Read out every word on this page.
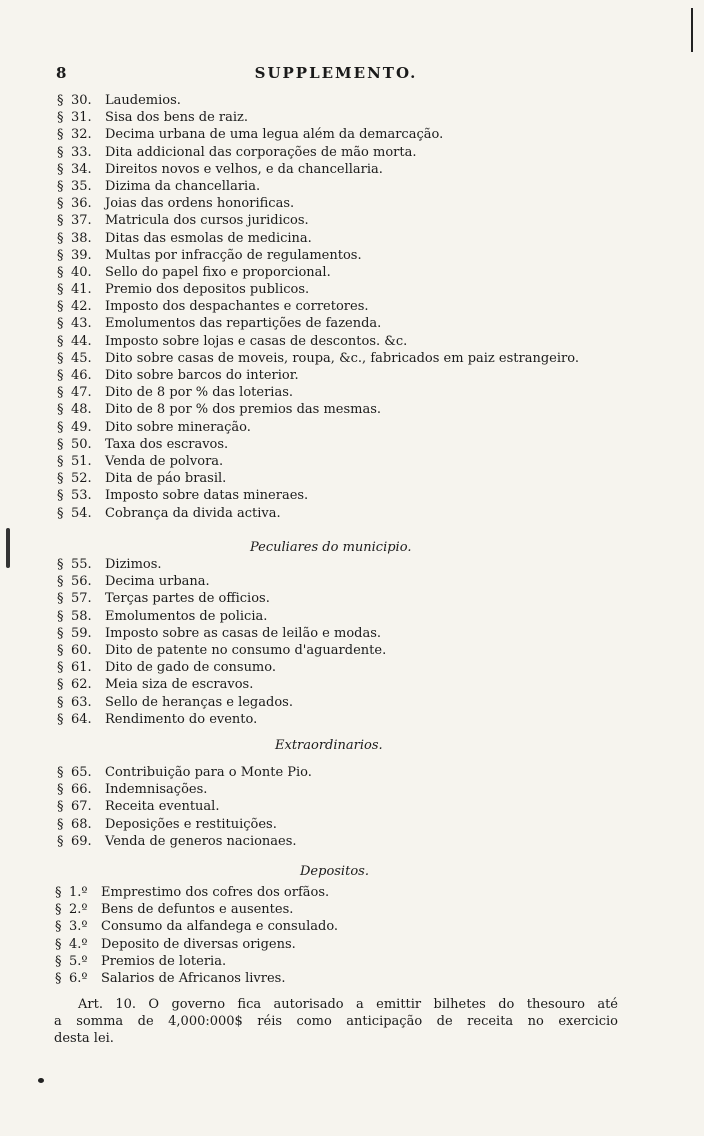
8	SUPPLEMENTO.
§ 30.	Laudemios.
§ 31.	Sisa dos bens de raiz.
§ 32.	Decima urbana de uma legua além da demarcação.
§ 33.	Dita addicional das corporações de mão morta.
§ 34.	Direitos novos e velhos, e da chancellaria.
§ 35.	Dizima da chancellaria.
§ 36.	Joias das ordens honorificas.
§ 37.	Matricula dos cursos juridicos.
§ 38.	Ditas das esmolas de medicina.
§ 39.	Multas por infracção de regulamentos.
§ 40.	Sello do papel fixo e proporcional.
§ 41.	Premio dos depositos publicos.
§ 42.	Imposto dos despachantes e corretores.
§ 43.	Emolumentos das repartições de fazenda.
§ 44.	Imposto sobre lojas e casas de descontos. &c.
§ 45.	Dito sobre casas de moveis, roupa, &c., fabricados em paiz estrangeiro.
§ 46.	Dito sobre barcos do interior.
§ 47.	Dito de 8 por % das loterias.
§ 48.	Dito de 8 por % dos premios das mesmas.
§ 49.	Dito sobre mineração.
§ 50.	Taxa dos escravos.
§ 51.	Venda de polvora.
§ 52.	Dita de páo brasil.
§ 53.	Imposto sobre datas mineraes.
§ 54.	Cobrança da divida activa.
Peculiares do municipio.
§ 55.	Dizimos.
§ 56.	Decima urbana.
§ 57.	Terças partes de officios.
§ 58.	Emolumentos de policia.
§ 59.	Imposto sobre as casas de leilão e modas.
§ 60.	Dito de patente no consumo d'aguardente.
§ 61.	Dito de gado de consumo.
§ 62.	Meia siza de escravos.
§ 63.	Sello de heranças e legados.
§ 64.	Rendimento do evento.
Extraordinarios.
§ 65.	Contribuição para o Monte Pio.
§ 66.	Indemnisações.
§ 67.	Receita eventual.
§ 68.	Deposições e restituições.
§ 69.	Venda de generos nacionaes.
Depositos.
§ 1.º	Emprestimo dos cofres dos orfãos.
§ 2.º	Bens de defuntos e ausentes.
§ 3.º	Consumo da alfandega e consulado.
§ 4.º	Deposito de diversas origens.
§ 5.º	Premios de loteria.
§ 6.º	Salarios de Africanos livres.
Art. 10. O governo fica autorisado a emittir bilhetes do thesouro até
a somma de 4,000:000$ réis como anticipação de receita no exercicio
desta lei.
